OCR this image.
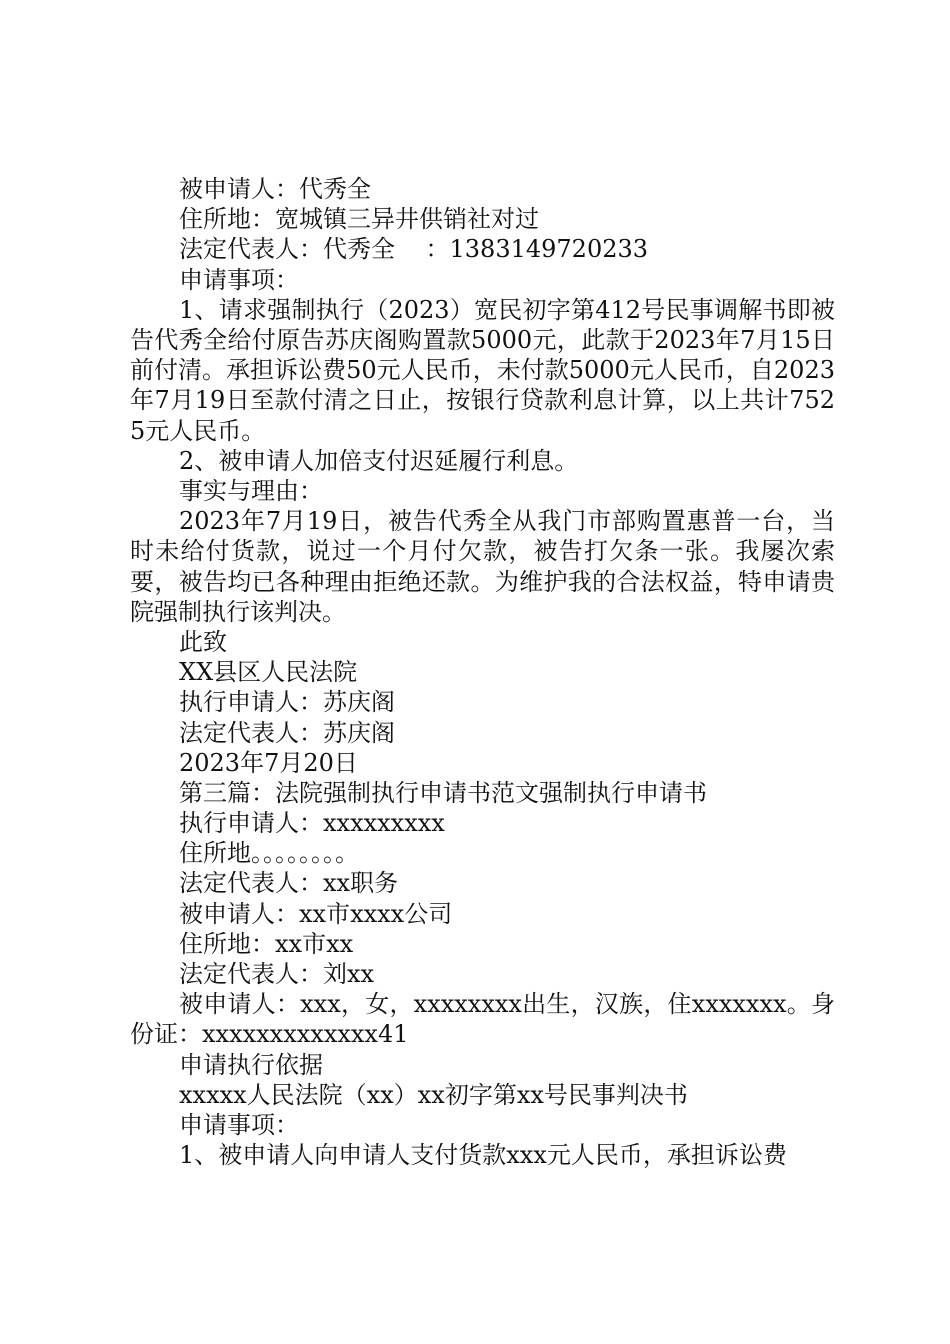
被申请人：代秀全
住所地：宽城镇三异井供销社对过
法定代表人：代秀全    ：1383149720233
申请事项：
1、请求强制执行（2023）宽民初字第412号民事调解书即被告代秀全给付原告苏庆阁购置款5000元，此款于2023年7月15日前付清。承担诉讼费50元人民币，未付款5000元人民币，自2023年7月19日至款付清之日止，按银行贷款利息计算，以上共计7525元人民币。
2、被申请人加倍支付迟延履行利息。
事实与理由：
2023年7月19日，被告代秀全从我门市部购置惠普一台，当时未给付货款，说过一个月付欠款，被告打欠条一张。我屡次索要，被告均已各种理由拒绝还款。为维护我的合法权益，特申请贵院强制执行该判决。
此致
XX县区人民法院
执行申请人：苏庆阁
法定代表人：苏庆阁
2023年7月20日
第三篇：法院强制执行申请书范文强制执行申请书
执行申请人：xxxxxxxxx
住所地。。。。。。。。
法定代表人：xx职务
被申请人：xx市xxxx公司
住所地：xx市xx
法定代表人：刘xx
被申请人：xxx，女，xxxxxxxx出生，汉族，住xxxxxxx。身份证：xxxxxxxxxxxxx41
申请执行依据
xxxxx人民法院（xx）xx初字第xx号民事判决书
申请事项：
1、被申请人向申请人支付货款xxx元人民币，承担诉讼费
